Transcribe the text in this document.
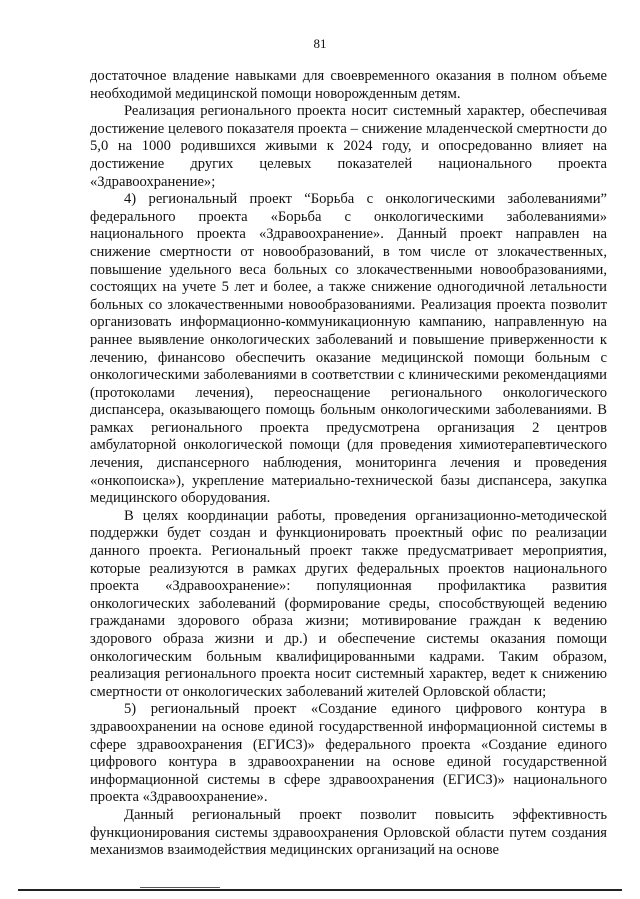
81

достаточное владение навыками для своевременного оказания в полном объеме необходимой медицинской помощи новорожденным детям.

Реализация регионального проекта носит системный характер, обеспечивая достижение целевого показателя проекта – снижение младенческой смертности до 5,0 на 1000 родившихся живыми к 2024 году, и опосредованно влияет на достижение других целевых показателей национального проекта «Здравоохранение»;

4) региональный проект “Борьба с онкологическими заболеваниями” федерального проекта «Борьба с онкологическими заболеваниями» национального проекта «Здравоохранение». Данный проект направлен на снижение смертности от новообразований, в том числе от злокачественных, повышение удельного веса больных со злокачественными новообразованиями, состоящих на учете 5 лет и более, а также снижение одногодичной летальности больных со злокачественными новообразованиями. Реализация проекта позволит организовать информационно-коммуникационную кампанию, направленную на раннее выявление онкологических заболеваний и повышение приверженности к лечению, финансово обеспечить оказание медицинской помощи больным с онкологическими заболеваниями в соответствии с клиническими рекомендациями (протоколами лечения), переоснащение регионального онкологического диспансера, оказывающего помощь больным онкологическими заболеваниями. В рамках регионального проекта предусмотрена организация 2 центров амбулаторной онкологической помощи (для проведения химиотерапевтического лечения, диспансерного наблюдения, мониторинга лечения и проведения «онкопоиска»), укрепление материально-технической базы диспансера, закупка медицинского оборудования.

В целях координации работы, проведения организационно-методической поддержки будет создан и функционировать проектный офис по реализации данного проекта. Региональный проект также предусматривает мероприятия, которые реализуются в рамках других федеральных проектов национального проекта «Здравоохранение»: популяционная профилактика развития онкологических заболеваний (формирование среды, способствующей ведению гражданами здорового образа жизни; мотивирование граждан к ведению здорового образа жизни и др.) и обеспечение системы оказания помощи онкологическим больным квалифицированными кадрами. Таким образом, реализация регионального проекта носит системный характер, ведет к снижению смертности от онкологических заболеваний жителей Орловской области;

5) региональный проект «Создание единого цифрового контура в здравоохранении на основе единой государственной информационной системы в сфере здравоохранения (ЕГИСЗ)» федерального проекта «Создание единого цифрового контура в здравоохранении на основе единой государственной информационной системы в сфере здравоохранения (ЕГИСЗ)» национального проекта «Здравоохранение».

Данный региональный проект позволит повысить эффективность функционирования системы здравоохранения Орловской области путем создания механизмов взаимодействия медицинских организаций на основе
